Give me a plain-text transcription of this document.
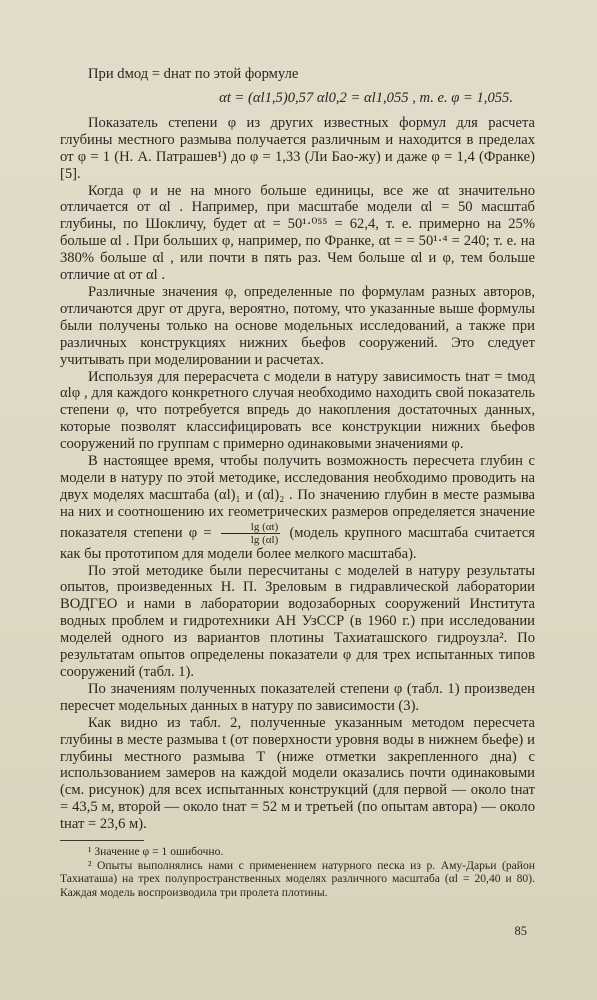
При dмод = dнат по этой формуле

αt = (αl1,5)0,57 αl0,2 = αl1,055 , т. е. φ = 1,055.

Показатель степени φ из других известных формул для расчета глубины местного размыва получается различным и находится в пределах от φ = 1 (Н. А. Патрашев¹) до φ = 1,33 (Ли Бао-жу) и даже φ = 1,4 (Франке) [5].

Когда φ и не на много больше единицы, все же αt значительно отличается от αl . Например, при масштабе модели αl = 50 масштаб глубины, по Шокличу, будет αt = 50¹·⁰⁵⁵ = 62,4, т. е. примерно на 25% больше αl . При больших φ, например, по Франке, αt = = 50¹·⁴ = 240; т. е. на 380% больше αl , или почти в пять раз. Чем больше αl и φ, тем больше отличие αt от αl .

Различные значения φ, определенные по формулам разных авторов, отличаются друг от друга, вероятно, потому, что указанные выше формулы были получены только на основе модельных исследований, а также при различных конструкциях нижних бьефов сооружений. Это следует учитывать при моделировании и расчетах.

Используя для перерасчета с модели в натуру зависимость tнат = tмод αlφ , для каждого конкретного случая необходимо находить свой показатель степени φ, что потребуется впредь до накопления достаточных данных, которые позволят классифицировать все конструкции нижних бьефов сооружений по группам с примерно одинаковыми значениями φ.

В настоящее время, чтобы получить возможность пересчета глубин с модели в натуру по этой методике, исследования необходимо проводить на двух моделях масштаба (αl)₁ и (αl)₂ . По значению глубин в месте размыва на них и соотношению их геометрических размеров определяется значение показателя степени $\varphi = \frac{\lg (\alpha t)}{\lg (\alpha l)}$ (модель крупного масштаба считается как бы прототипом для модели более мелкого масштаба).

По этой методике были пересчитаны с моделей в натуру результаты опытов, произведенных Н. П. Зреловым в гидравлической лаборатории ВОДГЕО и нами в лаборатории водозаборных сооружений Института водных проблем и гидротехники АН УзССР (в 1960 г.) при исследовании моделей одного из вариантов плотины Тахиаташского гидроузла². По результатам опытов определены показатели φ для трех испытанных типов сооружений (табл. 1).

По значениям полученных показателей степени φ (табл. 1) произведен пересчет модельных данных в натуру по зависимости (3).

Как видно из табл. 2, полученные указанным методом пересчета глубины в месте размыва t (от поверхности уровня воды в нижнем бьефе) и глубины местного размыва T (ниже отметки закрепленного дна) с использованием замеров на каждой модели оказались почти одинаковыми (см. рисунок) для всех испытанных конструкций (для первой — около tнат = 43,5 м, второй — около tнат = 52 м и третьей (по опытам автора) — около tнат = 23,6 м).

¹ Значение φ = 1 ошибочно.

² Опыты выполнялись нами с применением натурного песка из р. Аму-Дарьи (район Тахиаташа) на трех полупространственных моделях различного масштаба (αl = 20,40 и 80). Каждая модель воспроизводила три пролета плотины.

85
